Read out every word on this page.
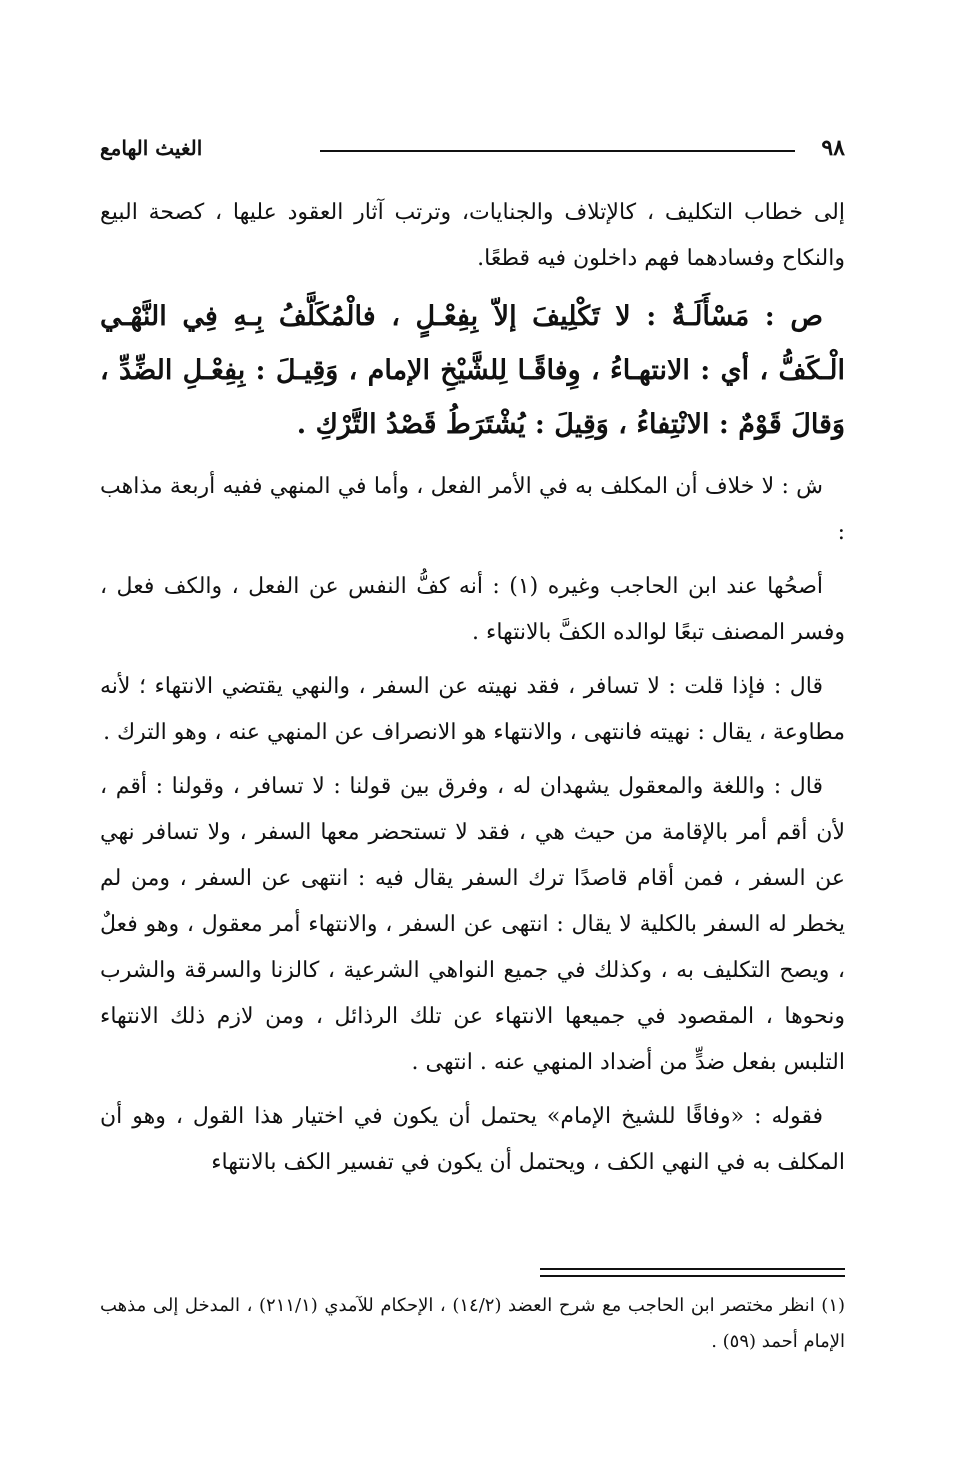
٩٨
الغيث الهامع

إلى خطاب التكليف ، كالإتلاف والجنايات، وترتب آثار العقود عليها ، كصحة البيع والنكاح وفسادهما فهم داخلون فيه قطعًا.

ص : مَسْأَلَـةٌ : لا تَكْلِيفَ إلاّ بِفِعْـلٍ ، فالْمُكَلَّفُ بِـهِ فِي النَّهْـي الْـكَفُّ ، أي : الانتهـاءُ ، وِفاقًـا لِلشَّيْخِ الإمام ، وَقِيـلَ : بِفِعْـلِ الضِّدِّ ، وَقالَ قَوْمٌ : الانْتِفاءُ ، وَقِيلَ : يُشْتَرَطُ قَصْدُ التَّرْكِ .

ش : لا خلاف أن المكلف به في الأمر الفعل ، وأما في المنهي ففيه أربعة مذاهب :

أصحُها عند ابن الحاجب وغيره (١) : أنه كفُّ النفس عن الفعل ، والكف فعل ، وفسر المصنف تبعًا لوالده الكفَّ بالانتهاء .

قال : فإذا قلت : لا تسافر ، فقد نهيته عن السفر ، والنهي يقتضي الانتهاء ؛ لأنه مطاوعة ، يقال : نهيته فانتهى ، والانتهاء هو الانصراف عن المنهي عنه ، وهو الترك .

قال : واللغة والمعقول يشهدان له ، وفرق بين قولنا : لا تسافر ، وقولنا : أقم ، لأن أقم أمر بالإقامة من حيث هي ، فقد لا تستحضر معها السفر ، ولا تسافر نهي عن السفر ، فمن أقام قاصدًا ترك السفر يقال فيه : انتهى عن السفر ، ومن لم يخطر له السفر بالكلية لا يقال : انتهى عن السفر ، والانتهاء أمر معقول ، وهو فعلٌ ، ويصح التكليف به ، وكذلك في جميع النواهي الشرعية ، كالزنا والسرقة والشرب ونحوها ، المقصود في جميعها الانتهاء عن تلك الرذائل ، ومن لازم ذلك الانتهاء التلبس بفعل ضدٍّ من أضداد المنهي عنه . انتهى .

فقوله : «وفاقًا للشيخ الإمام» يحتمل أن يكون في اختيار هذا القول ، وهو أن المكلف به في النهي الكف ، ويحتمل أن يكون في تفسير الكف بالانتهاء

(١) انظر مختصر ابن الحاجب مع شرح العضد (١٤/٢) ، الإحكام للآمدي (٢١١/١) ، المدخل إلى مذهب الإمام أحمد (٥٩) .
